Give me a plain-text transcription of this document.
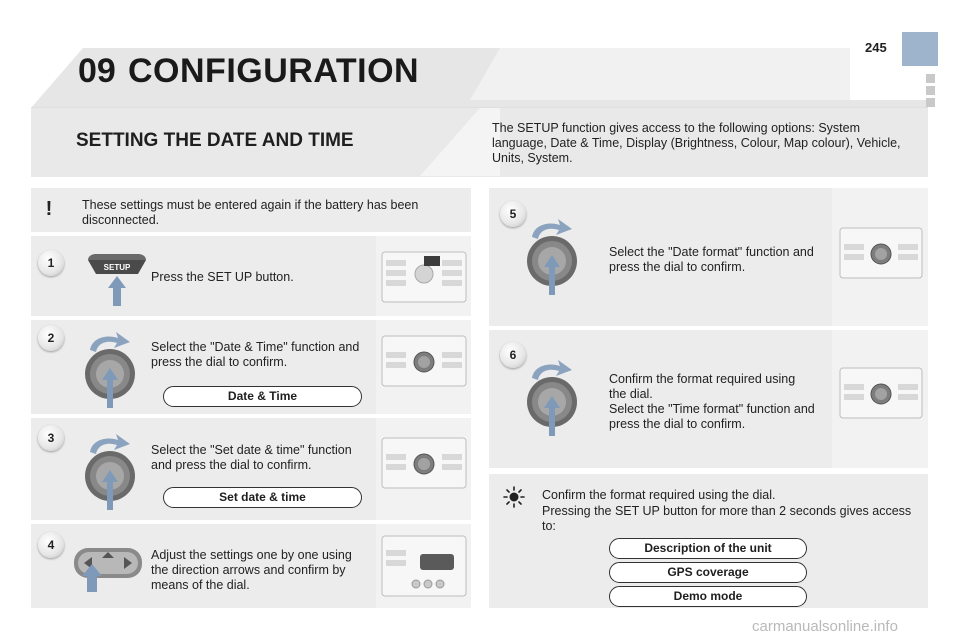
09 CONFIGURATION
245
SETTING THE DATE AND TIME
The SETUP function gives access to the following options: System language, Date & Time, Display (Brightness, Colour, Map colour), Vehicle, Units, System.
!	These settings must be entered again if the battery has been disconnected.
1	SETUP
Press the SET UP button.
2
Select the "Date & Time" function and press the dial to confirm.
Date & Time
3
Select the "Set date & time" function and press the dial to confirm.
Set date & time
4
Adjust the settings one by one using the direction arrows and confirm by means of the dial.
5
Select the "Date format" function and press the dial to confirm.
6
Confirm the format required using the dial.
Select the "Time format" function and press the dial to confirm.
Confirm the format required using the dial.
Pressing the SET UP button for more than 2 seconds gives access to:
Description of the unit
GPS coverage
Demo mode
carmanualsonline.info
